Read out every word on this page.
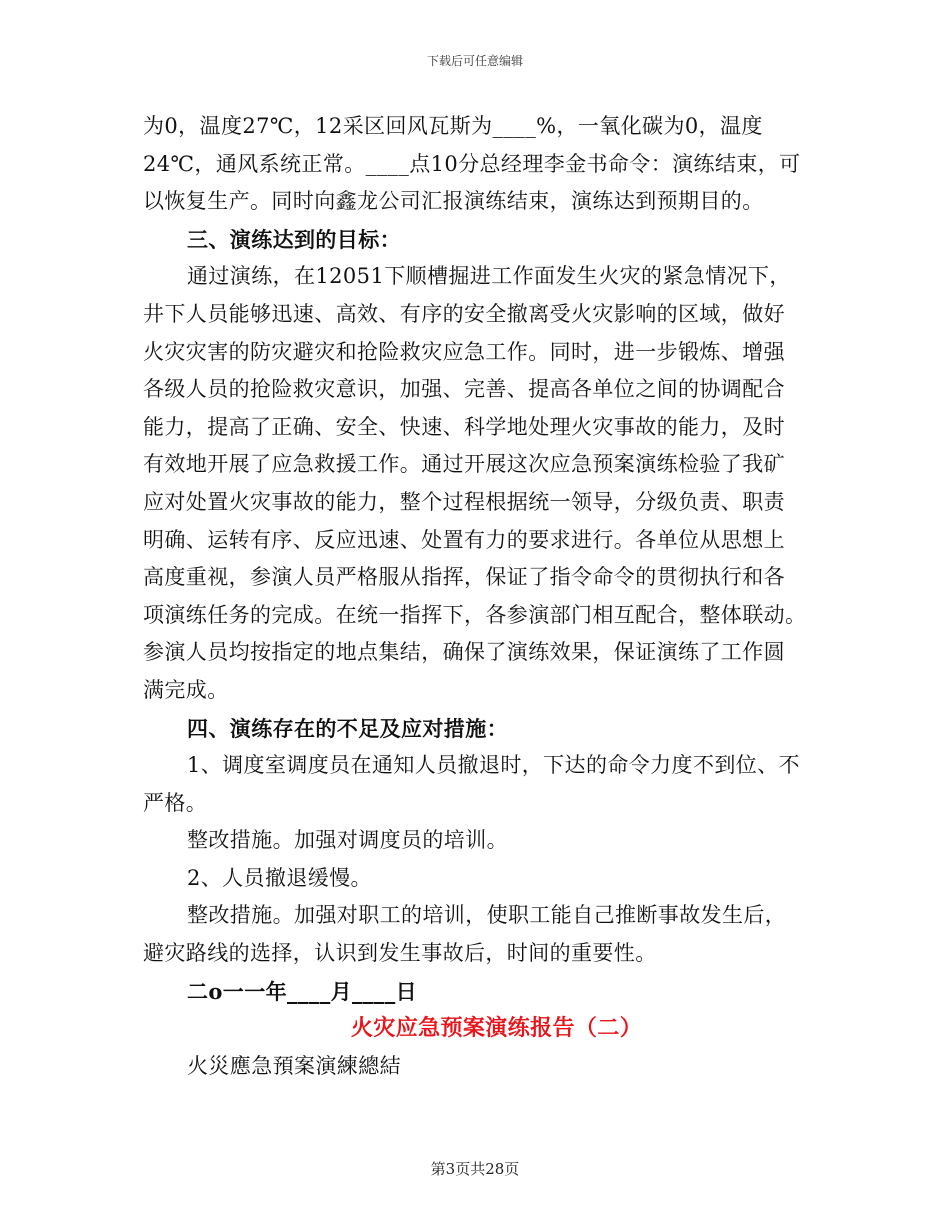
下载后可任意编辑
为0，温度27℃，12采区回风瓦斯为____%，一氧化碳为0，温度
24℃，通风系统正常。____点10分总经理李金书命令：演练结束，可
以恢复生产。同时向鑫龙公司汇报演练结束，演练达到预期目的。
三、演练达到的目标：
通过演练，在12051下顺槽掘进工作面发生火灾的紧急情况下，
井下人员能够迅速、高效、有序的安全撤离受火灾影响的区域，做好
火灾灾害的防灾避灾和抢险救灾应急工作。同时，进一步锻炼、增强
各级人员的抢险救灾意识，加强、完善、提高各单位之间的协调配合
能力，提高了正确、安全、快速、科学地处理火灾事故的能力，及时
有效地开展了应急救援工作。通过开展这次应急预案演练检验了我矿
应对处置火灾事故的能力，整个过程根据统一领导，分级负责、职责
明确、运转有序、反应迅速、处置有力的要求进行。各单位从思想上
高度重视，参演人员严格服从指挥，保证了指令命令的贯彻执行和各
项演练任务的完成。在统一指挥下，各参演部门相互配合，整体联动。
参演人员均按指定的地点集结，确保了演练效果，保证演练了工作圆
满完成。
四、演练存在的不足及应对措施：
1、调度室调度员在通知人员撤退时，下达的命令力度不到位、不
严格。
整改措施。加强对调度员的培训。
2、人员撤退缓慢。
整改措施。加强对职工的培训，使职工能自己推断事故发生后，
避灾路线的选择，认识到发生事故后，时间的重要性。
二o一一年____月____日
火灾应急预案演练报告（二）
火災應急預案演練總結
第3页共28页
